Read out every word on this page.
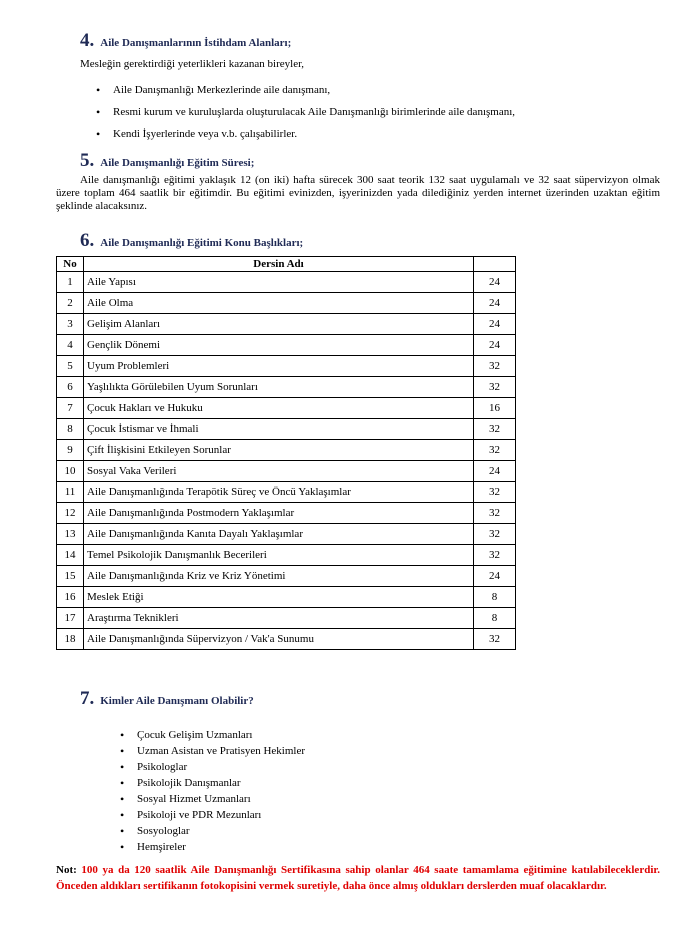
4. Aile Danışmanlarının İstihdam Alanları;
Mesleğin gerektirdiği yeterlikleri kazanan bireyler,
• Aile Danışmanlığı Merkezlerinde aile danışmanı,
• Resmi kurum ve kuruluşlarda oluşturulacak Aile Danışmanlığı birimlerinde aile danışmanı,
• Kendi İşyerlerinde veya v.b. çalışabilirler.
5. Aile Danışmanlığı Eğitim Süresi;
Aile danışmanlığı eğitimi yaklaşık 12 (on iki) hafta sürecek 300 saat teorik 132 saat uygulamalı ve 32 saat süpervizyon olmak üzere toplam 464 saatlik bir eğitimdir. Bu eğitimi evinizden, işyerinizden yada dilediğiniz yerden internet üzerinden uzaktan eğitim şeklinde alacaksınız.
6. Aile Danışmanlığı Eğitimi Konu Başlıkları;
No	Dersin Adı	
1	Aile Yapısı	24
2	Aile Olma	24
3	Gelişim Alanları	24
4	Gençlik Dönemi	24
5	Uyum Problemleri	32
6	Yaşlılıkta Görülebilen Uyum Sorunları	32
7	Çocuk Hakları ve Hukuku	16
8	Çocuk İstismar ve İhmali	32
9	Çift İlişkisini Etkileyen Sorunlar	32
10	Sosyal Vaka Verileri	24
11	Aile Danışmanlığında Terapötik Süreç ve Öncü Yaklaşımlar	32
12	Aile Danışmanlığında Postmodern Yaklaşımlar	32
13	Aile Danışmanlığında Kanıta Dayalı Yaklaşımlar	32
14	Temel Psikolojik Danışmanlık Becerileri	32
15	Aile Danışmanlığında Kriz ve Kriz Yönetimi	24
16	Meslek Etiği	8
17	Araştırma Teknikleri	8
18	Aile Danışmanlığında Süpervizyon / Vak'a Sunumu	32
7. Kimler Aile Danışmanı Olabilir?
• Çocuk Gelişim Uzmanları
• Uzman Asistan ve Pratisyen Hekimler
• Psikologlar
• Psikolojik Danışmanlar
• Sosyal Hizmet Uzmanları
• Psikoloji ve PDR Mezunları
• Sosyologlar
• Hemşireler
Not: 100 ya da 120 saatlik Aile Danışmanlığı Sertifikasına sahip olanlar 464 saate tamamlama eğitimine katılabileceklerdir. Önceden aldıkları sertifikanın fotokopisini vermek suretiyle, daha önce almış oldukları derslerden muaf olacaklardır.
